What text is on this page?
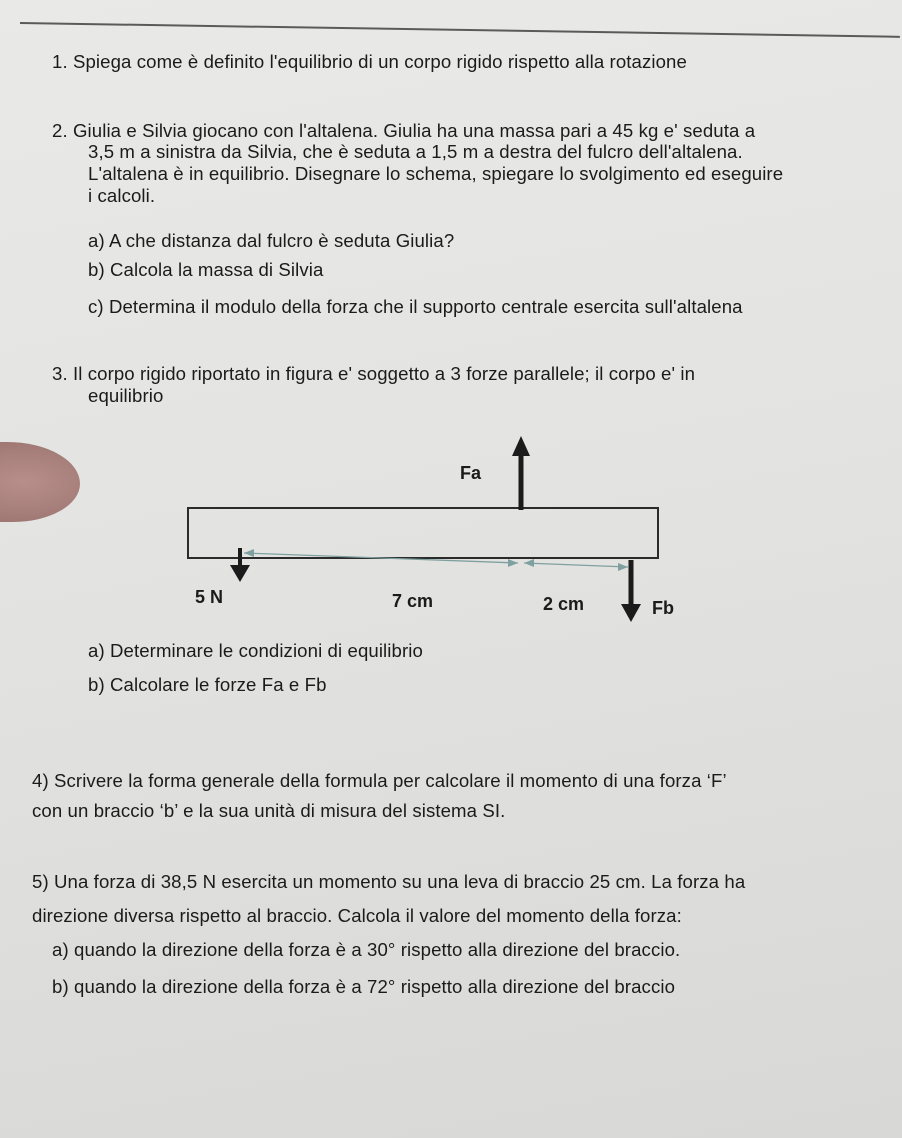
1. Spiega come è definito l'equilibrio di un corpo rigido rispetto alla rotazione
2. Giulia e Silvia giocano con l'altalena. Giulia ha una massa pari a 45 kg e' seduta a
3,5 m a sinistra da Silvia, che è seduta a 1,5 m a destra del fulcro dell'altalena.
L'altalena è in equilibrio. Disegnare lo schema, spiegare lo svolgimento ed eseguire
i calcoli.
a) A che distanza dal fulcro è seduta Giulia?
b) Calcola la massa di Silvia
c) Determina il modulo della forza che il supporto centrale esercita sull'altalena
3. Il corpo rigido riportato in figura e' soggetto a 3 forze parallele; il corpo e' in
equilibrio
Fa
5 N	7 cm	2 cm	Fb
a) Determinare le condizioni di equilibrio
b) Calcolare le forze Fa e Fb
4) Scrivere la forma generale della formula per calcolare il momento di una forza ‘F’
con un braccio ‘b’ e la sua unità di misura del sistema SI.
5) Una forza di 38,5 N esercita un momento su una leva di braccio 25 cm. La forza ha
direzione diversa rispetto al braccio. Calcola il valore del momento della forza:
a) quando la direzione della forza è a 30° rispetto alla direzione del braccio.
b) quando la direzione della forza è a 72° rispetto alla direzione del braccio
